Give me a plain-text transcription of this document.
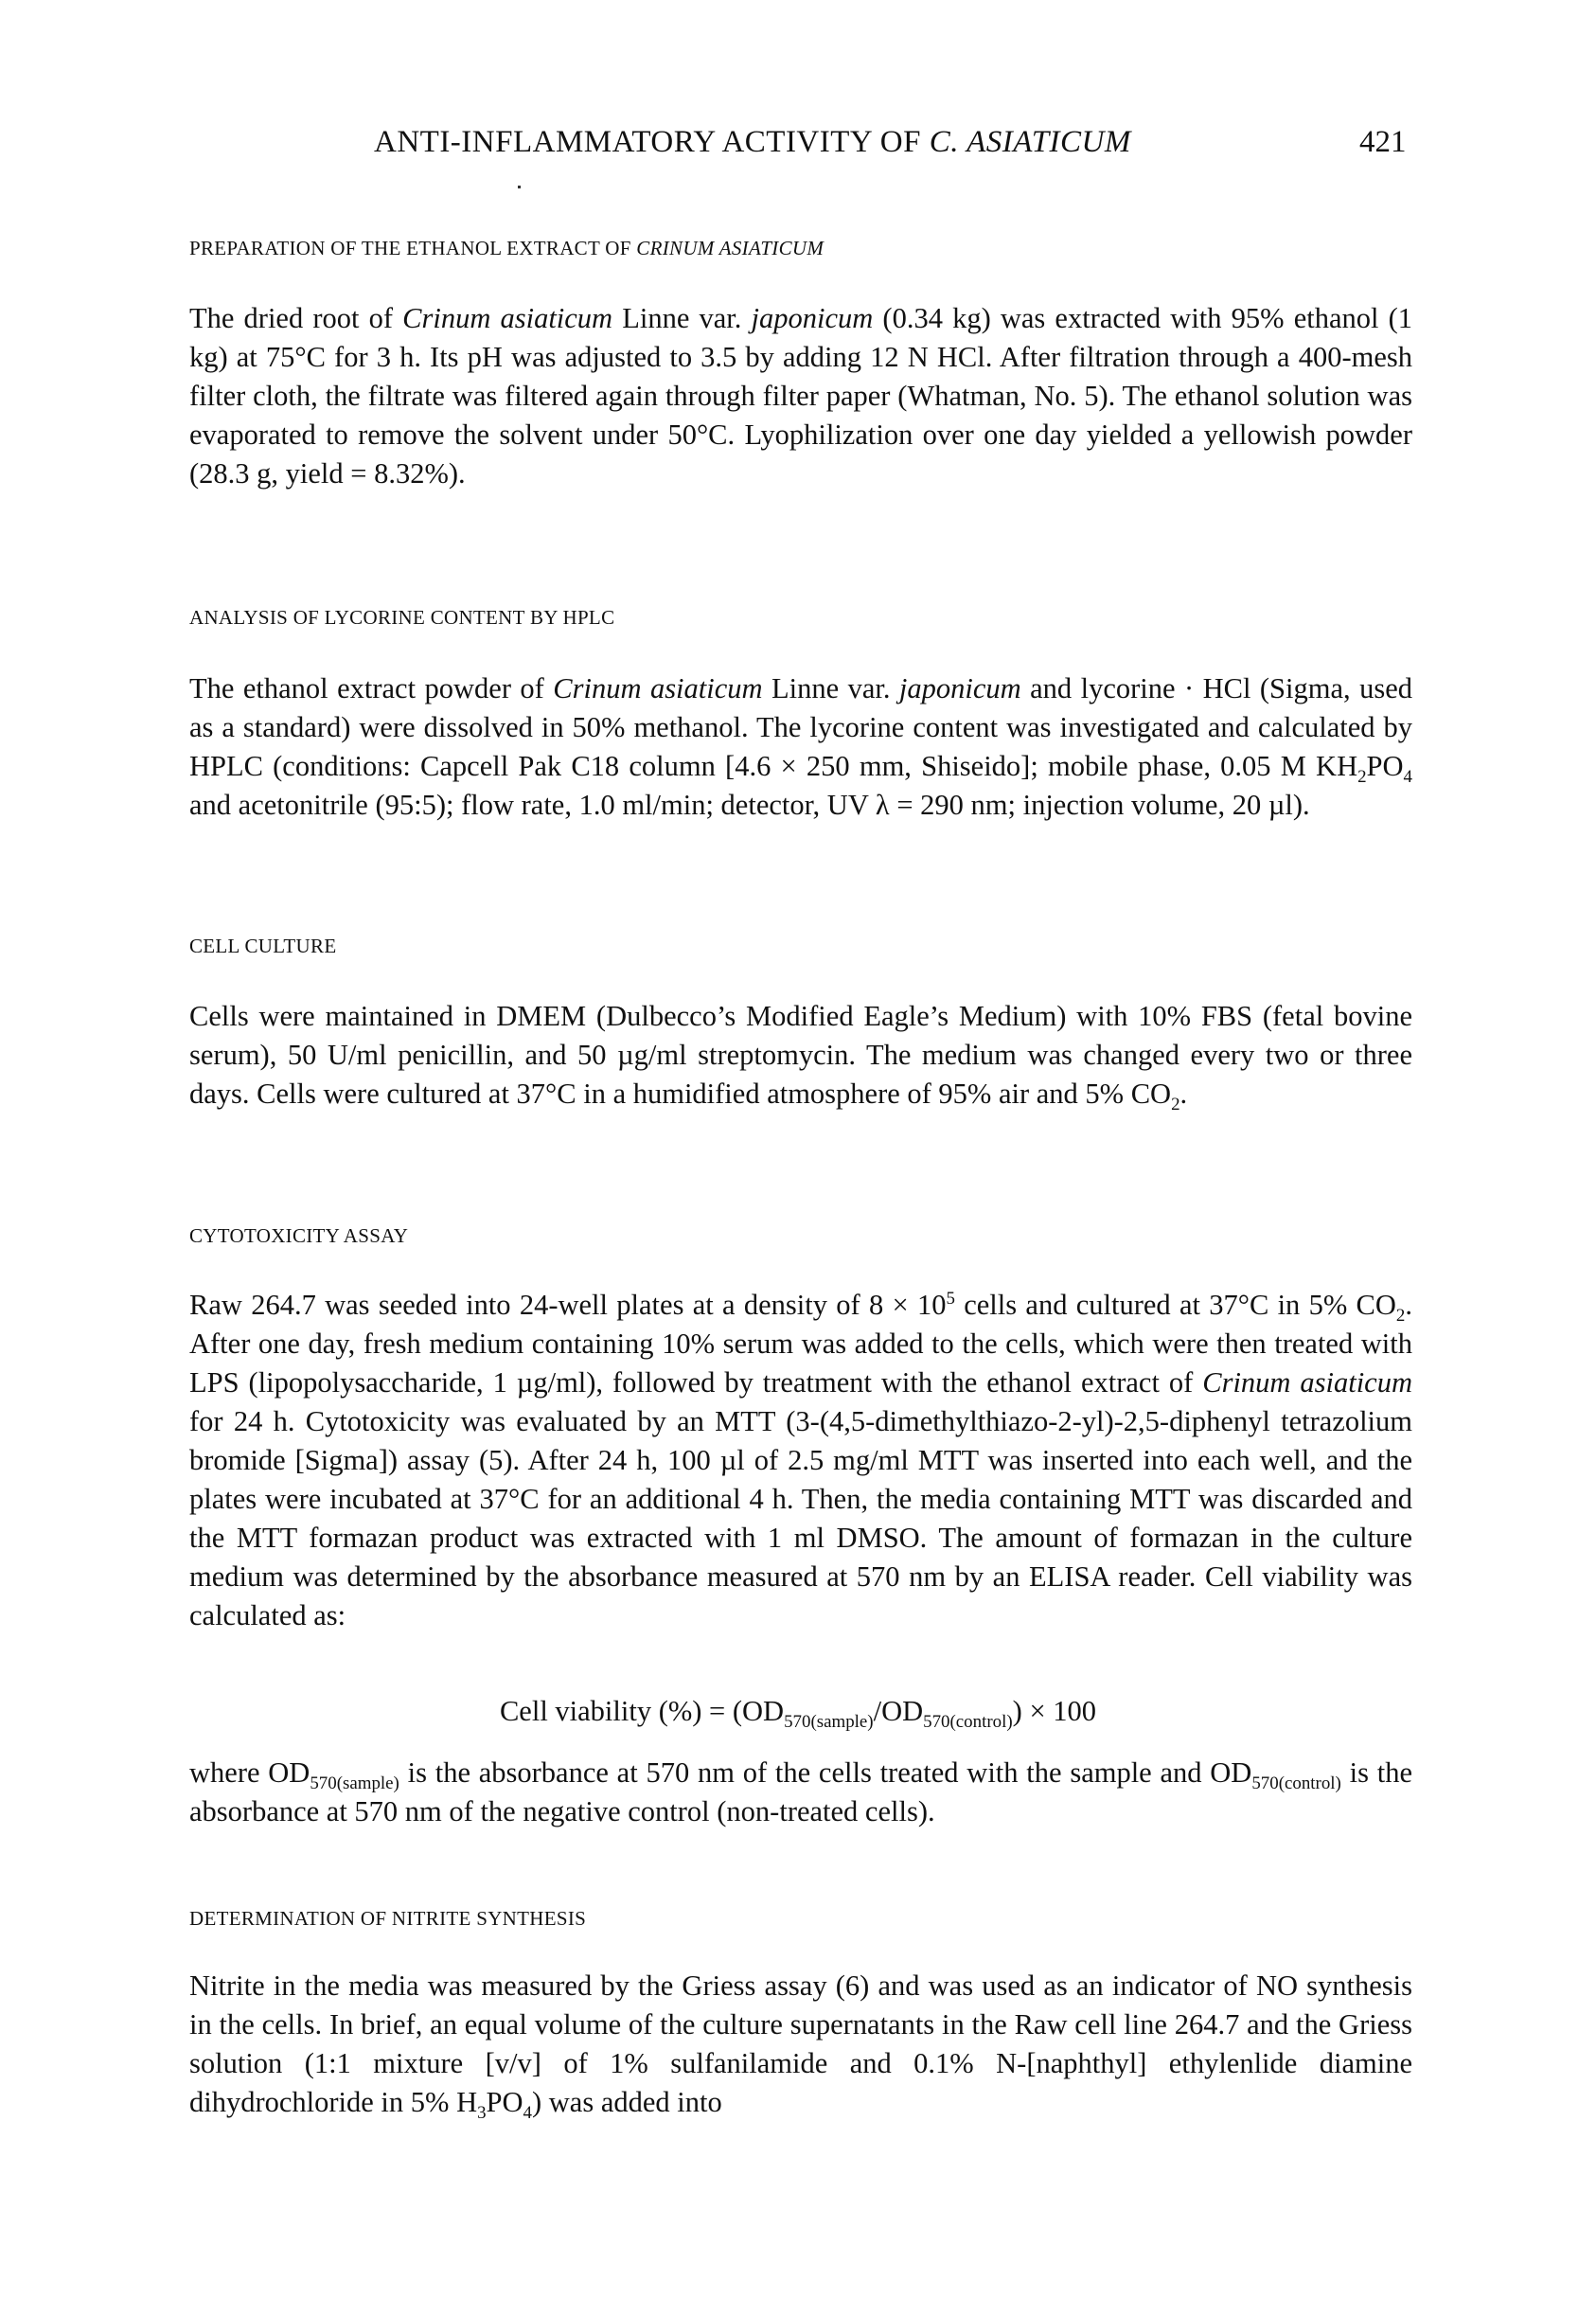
ANTI-INFLAMMATORY ACTIVITY OF C. ASIATICUM	421
PREPARATION OF THE ETHANOL EXTRACT OF CRINUM ASIATICUM
The dried root of Crinum asiaticum Linne var. japonicum (0.34 kg) was extracted with 95% ethanol (1 kg) at 75°C for 3 h. Its pH was adjusted to 3.5 by adding 12 N HCl. After filtration through a 400-mesh filter cloth, the filtrate was filtered again through filter paper (Whatman, No. 5). The ethanol solution was evaporated to remove the solvent under 50°C. Lyophilization over one day yielded a yellowish powder (28.3 g, yield = 8.32%).
ANALYSIS OF LYCORINE CONTENT BY HPLC
The ethanol extract powder of Crinum asiaticum Linne var. japonicum and lycorine · HCl (Sigma, used as a standard) were dissolved in 50% methanol. The lycorine content was investigated and calculated by HPLC (conditions: Capcell Pak C18 column [4.6 × 250 mm, Shiseido]; mobile phase, 0.05 M $KH_2PO_4$ and acetonitrile (95:5); flow rate, 1.0 ml/min; detector, UV λ = 290 nm; injection volume, 20 µl).
CELL CULTURE
Cells were maintained in DMEM (Dulbecco’s Modified Eagle’s Medium) with 10% FBS (fetal bovine serum), 50 U/ml penicillin, and 50 µg/ml streptomycin. The medium was changed every two or three days. Cells were cultured at 37°C in a humidified atmosphere of 95% air and 5% $CO_2$.
CYTOTOXICITY ASSAY
Raw 264.7 was seeded into 24-well plates at a density of $8 \times 10^5$ cells and cultured at 37°C in 5% $CO_2$. After one day, fresh medium containing 10% serum was added to the cells, which were then treated with LPS (lipopolysaccharide, 1 µg/ml), followed by treatment with the ethanol extract of Crinum asiaticum for 24 h. Cytotoxicity was evaluated by an MTT (3-(4,5-dimethylthiazo-2-yl)-2,5-diphenyl tetrazolium bromide [Sigma]) assay (5). After 24 h, 100 µl of 2.5 mg/ml MTT was inserted into each well, and the plates were incubated at 37°C for an additional 4 h. Then, the media containing MTT was discarded and the MTT formazan product was extracted with 1 ml DMSO. The amount of formazan in the culture medium was determined by the absorbance measured at 570 nm by an ELISA reader. Cell viability was calculated as:
Cell viability (%) = $(OD_{570(sample)}/OD_{570(control)}) \times 100$
where $OD_{570(sample)}$ is the absorbance at 570 nm of the cells treated with the sample and $OD_{570(control)}$ is the absorbance at 570 nm of the negative control (non-treated cells).
DETERMINATION OF NITRITE SYNTHESIS
Nitrite in the media was measured by the Griess assay (6) and was used as an indicator of NO synthesis in the cells. In brief, an equal volume of the culture supernatants in the Raw cell line 264.7 and the Griess solution (1:1 mixture [v/v] of 1% sulfanilamide and 0.1% N-[naphthyl] ethylenlide diamine dihydrochloride in 5% $H_3PO_4$) was added into
